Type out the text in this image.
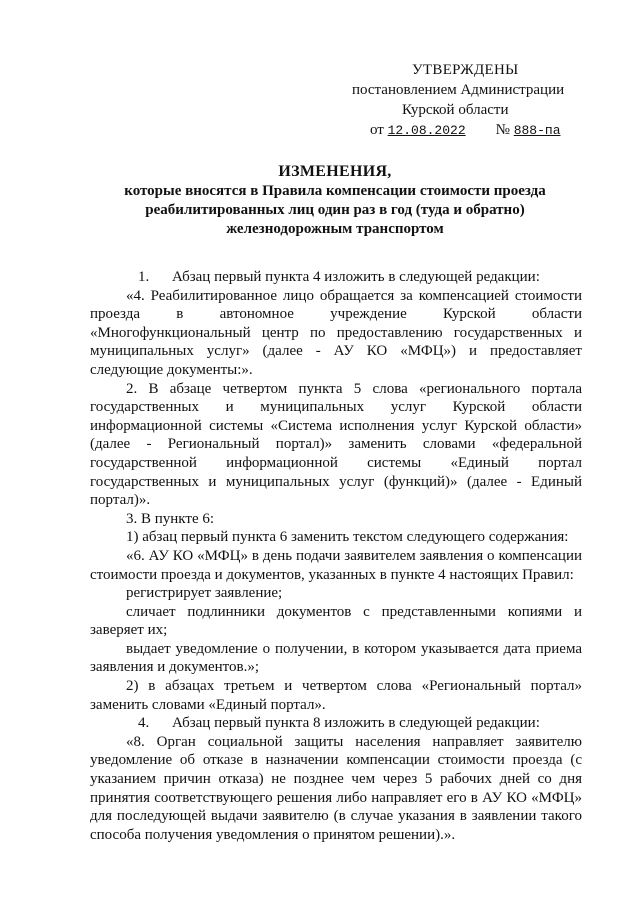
УТВЕРЖДЕНЫ
постановлением Администрации
Курской области
от 12.08.2022 № 888-па
ИЗМЕНЕНИЯ,
которые вносятся в Правила компенсации стоимости проезда реабилитированных лиц один раз в год (туда и обратно) железнодорожным транспортом

1. Абзац первый пункта 4 изложить в следующей редакции:

«4. Реабилитированное лицо обращается за компенсацией стоимости проезда в автономное учреждение Курской области «Многофункциональный центр по предоставлению государственных и муниципальных услуг» (далее - АУ КО «МФЦ») и предоставляет следующие документы:».

2. В абзаце четвертом пункта 5 слова «регионального портала государственных и муниципальных услуг Курской области информационной системы «Система исполнения услуг Курской области» (далее - Региональный портал)» заменить словами «федеральной государственной информационной системы «Единый портал государственных и муниципальных услуг (функций)» (далее - Единый портал)».

3. В пункте 6:

1) абзац первый пункта 6 заменить текстом следующего содержания:

«6. АУ КО «МФЦ» в день подачи заявителем заявления о компенсации стоимости проезда и документов, указанных в пункте 4 настоящих Правил:

регистрирует заявление;

сличает подлинники документов с представленными копиями и заверяет их;

выдает уведомление о получении, в котором указывается дата приема заявления и документов.»;

2) в абзацах третьем и четвертом слова «Региональный портал» заменить словами «Единый портал».

4. Абзац первый пункта 8 изложить в следующей редакции:

«8. Орган социальной защиты населения направляет заявителю уведомление об отказе в назначении компенсации стоимости проезда (с указанием причин отказа) не позднее чем через 5 рабочих дней со дня принятия соответствующего решения либо направляет его в АУ КО «МФЦ» для последующей выдачи заявителю (в случае указания в заявлении такого способа получения уведомления о принятом решении).».
